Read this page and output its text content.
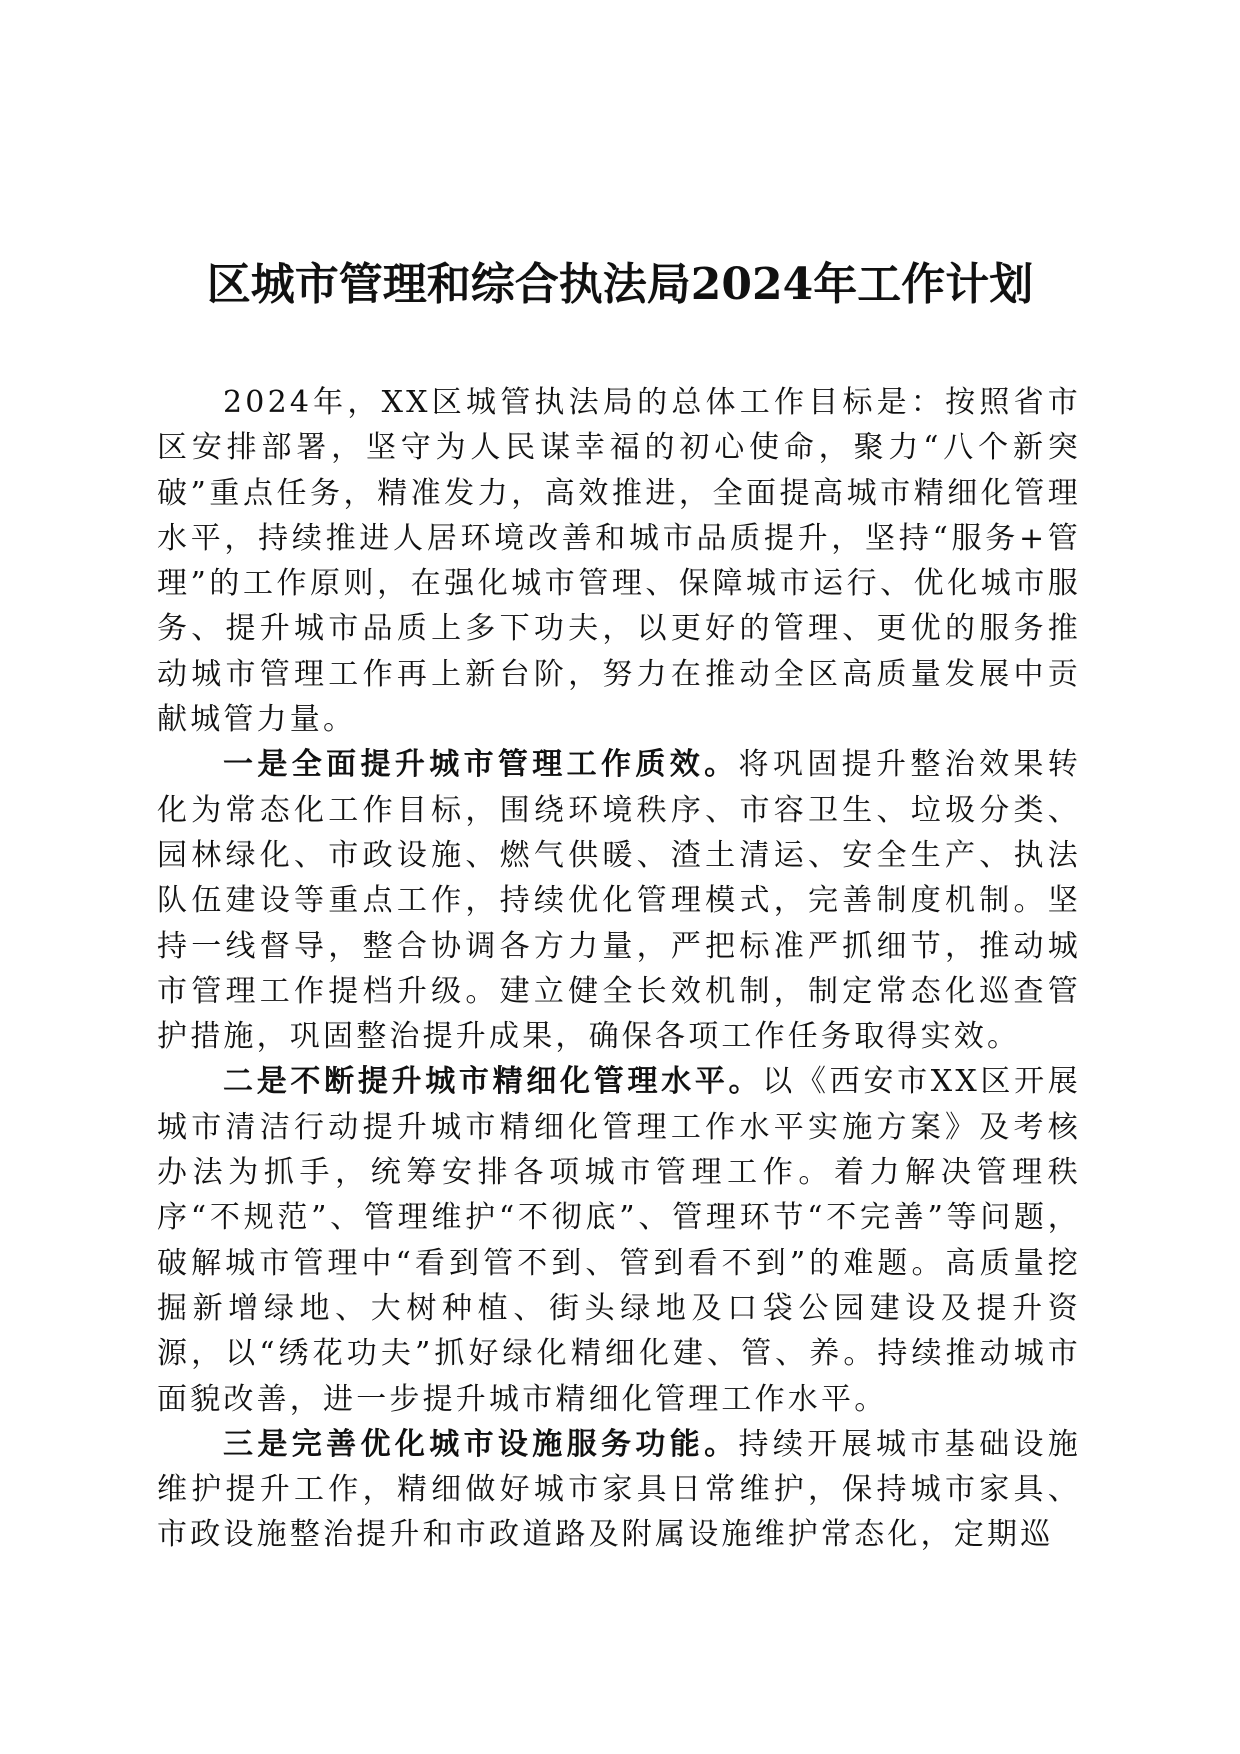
区城市管理和综合执法局2024年工作计划

2024年，XX区城管执法局的总体工作目标是：按照省市区安排部署，坚守为人民谋幸福的初心使命，聚力“八个新突破”重点任务，精准发力，高效推进，全面提高城市精细化管理水平，持续推进人居环境改善和城市品质提升，坚持“服务+管理”的工作原则，在强化城市管理、保障城市运行、优化城市服务、提升城市品质上多下功夫，以更好的管理、更优的服务推动城市管理工作再上新台阶，努力在推动全区高质量发展中贡献城管力量。

一是全面提升城市管理工作质效。将巩固提升整治效果转化为常态化工作目标，围绕环境秩序、市容卫生、垃圾分类、园林绿化、市政设施、燃气供暖、渣土清运、安全生产、执法队伍建设等重点工作，持续优化管理模式，完善制度机制。坚持一线督导，整合协调各方力量，严把标准严抓细节，推动城市管理工作提档升级。建立健全长效机制，制定常态化巡查管护措施，巩固整治提升成果，确保各项工作任务取得实效。

二是不断提升城市精细化管理水平。以《西安市XX区开展城市清洁行动提升城市精细化管理工作水平实施方案》及考核办法为抓手，统筹安排各项城市管理工作。着力解决管理秩序“不规范”、管理维护“不彻底”、管理环节“不完善”等问题，破解城市管理中“看到管不到、管到看不到”的难题。高质量挖掘新增绿地、大树种植、街头绿地及口袋公园建设及提升资源，以“绣花功夫”抓好绿化精细化建、管、养。持续推动城市面貌改善，进一步提升城市精细化管理工作水平。

三是完善优化城市设施服务功能。持续开展城市基础设施维护提升工作，精细做好城市家具日常维护，保持城市家具、市政设施整治提升和市政道路及附属设施维护常态化，定期巡
